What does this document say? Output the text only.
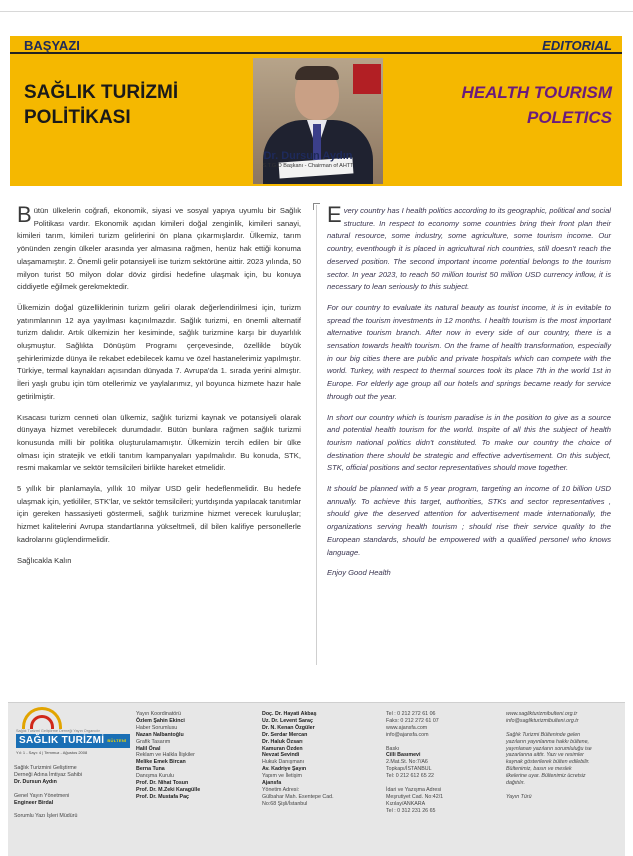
BAŞYAZI	EDITORIAL
SAĞLIK TURİZMİ
POLİTİKASI
HEALTH TOURISM
POLETICS
Dr. Dursun Aydın
S.T.G.D Başkanı - Chairman of AHTT

Bütün ülkelerin coğrafi, ekonomik, siyasi ve sosyal yapıya uyumlu bir Sağlık Politikası vardır. Ekonomik açıdan kimileri doğal zenginlik, kimileri sanayi, kimileri tarım, kimileri turizm gelirlerini ön plana çıkarmışlardır. Ülkemiz, tarım yönünden zengin ülkeler arasında yer almasına rağmen, henüz hak ettiği konuma ulaşamamıştır. 2. Önemli gelir potansiyeli ise turizm sektörüne aittir. 2023 yılında, 50 milyon turist 50 milyon dolar döviz girdisi hedefine ulaşmak için, bu konuya ciddiyetle eğilmek gerekmektedir.

Ülkemizin doğal güzelliklerinin turizm geliri olarak değerlendirilmesi için, turizm yatırımlarının 12 aya yayılması kaçınılmazdır. Sağlık turizmi, en önemli alternatif turizm dalıdır. Artık ülkemizin her kesiminde, sağlık turizmine karşı bir duyarlılık oluşmuştur. Sağlıkta Dönüşüm Programı çerçevesinde, özellikle büyük şehirlerimizde dünya ile rekabet edebilecek kamu ve özel hastanelerimiz yapılmıştır. Türkiye, termal kaynakları açısından dünyada 7. Avrupa'da 1. sırada yerini almıştır. İleri yaşlı grubu için tüm otellerimiz ve yaylalarımız, yıl boyunca hizmete hazır hale getirilmiştir.

Kısacası turizm cenneti olan ülkemiz, sağlık turizmi kaynak ve potansiyeli olarak dünyaya hizmet verebilecek durumdadır. Bütün bunlara rağmen sağlık turizmi konusunda milli bir politika oluşturulamamıştır. Ülkemizin tercih edilen bir ülke olması için stratejik ve etkili tanıtım kampanyaları yapılmalıdır. Bu konuda, STK, resmi makamlar ve sektör temsilcileri birlikte hareket etmelidir.

5 yıllık bir planlamayla, yıllık 10 milyar USD gelir hedeflenmelidir. Bu hedefe ulaşmak için, yetkililer, STK'lar, ve sektör temsilcileri; yurtdışında yapılacak tanıtımlar için gereken hassasiyeti göstermeli, sağlık turizmine hizmet verecek kuruluşlar; hizmet kalitelerini Avrupa standartlarına yükseltmeli, dil bilen kalifiye personellerle kadrolarını güçlendirmelidir.

Sağlıcakla Kalın

Every country has I health politics according to its geographic, political and social structure. In respect to economy some countries bring their front plan their natural resource, some industry, some agriculture, some tourism income. Our country, eventhough it is placed in agricultural rich countries, still doesn't reach the deserved position. The second important income potential belongs to the tourism sector. In year 2023, to reach 50 million tourist 50 million USD currency inflow, it is necessary to lean seriously to this subject.

For our country to evaluate its natural beauty as tourist income, it is in evitable to spread the tourism investments in 12 months. I health tourism is the most important alternative tourism branch. After now in every side of our country, there is a sensation towards health tourism. On the frame of health transformation, especially in our big cities there are public and private hospitals which can compete with the world. Turkey, with respect to thermal sources took its place 7th in the world 1st in Europe. For elderly age group all our hotels and springs became ready for service through out the year.

In short our country which is tourism paradise is in the position to give as a source and potential health tourism for the world. Inspite of all this the subject of health tourism national politics didn't constituted. To make our country the choice of destination there should be strategic and effective advertisement. On this subject, STK, official positions and sector representatives should move together.

It should be planned with a 5 year program, targeting an income of 10 billion USD annually. To achieve this target, authorities, STKs and sector representatives , should give the deserved attention for advertisement made internationally, the organizations serving health tourism ; should rise their service quality to the European standards, should be empowered with a qualified personel who knows language.

Enjoy Good Health

Sağlık Turizmi Geliştirme Derneği Yayın Organıdır
SAĞLIK TURİZMİ BÜLTENİ
Yıl: 1 - Sayı: 4 | Temmuz - Ağustos 2008
Sağlık Turizmini Geliştirme
Derneği Adına İmtiyaz Sahibi
Dr. Dursun Aydın

Genel Yayın Yönetmeni
Engineer Birdal

Sorumlu Yazı İşleri Müdürü
Yayın Koordinatörü
Özlem Şahin Ekinci
Haber Sorumlusu
Nazan Nalbantoğlu
Grafik Tasarım
Halil Önal
Reklam ve Halkla İlişkiler
Melike Emek Bircan
Berna Tuna
Danışma Kurulu
Prof. Dr. Nihat Tosun
Prof. Dr. M.Zeki Karagülle
Prof. Dr. Mustafa Paç
Doç. Dr. Hayati Akbaş
Uz. Dr. Levent Saraç
Dr. N. Kenan Özgüler
Dr. Serdar Mercan
Dr. Haluk Özsarı
Kamuran Özden
Nevzat Sevindi
Hukuk Danışmanı
Av. Kadriye Şayın
Yapım ve İletişim
Ajansfa
Yönetim Adresi:
Gülbahar Mah. Esentepe Cad.
No:68 Şişli/İstanbul
Tel : 0 212 272 61 06
Faks: 0 212 272 61 07
www.ajansfa.com
info@ajansfa.com

Baskı
Cilli Basımevi
2.Mat.St. No:7/A6
Topkapı/İSTANBUL
Tel: 0 212 612 65 22

İdari ve Yazışma Adresi
Meşrutiyet Cad. No:42/1
Kızılay/ANKARA
Tel : 0 312 231 26 65
www.saglikturizmibulteni.org.tr
info@saglikturizmibulteni.org.tr

Sağlık Turizmi Bülteninde gelen
yazıların yayınlanma hakkı bültene,
yayınlanan yazıların sorumluluğu ise
yazarlarına aittir. Yazı ve resimler
kaynak gösterilerek bülten edilebilir.
Bültenimiz, basın ve meslek
ilkelerine uyar. Bültenimiz ücretsiz
dağıtılır.

Yayın Türü
